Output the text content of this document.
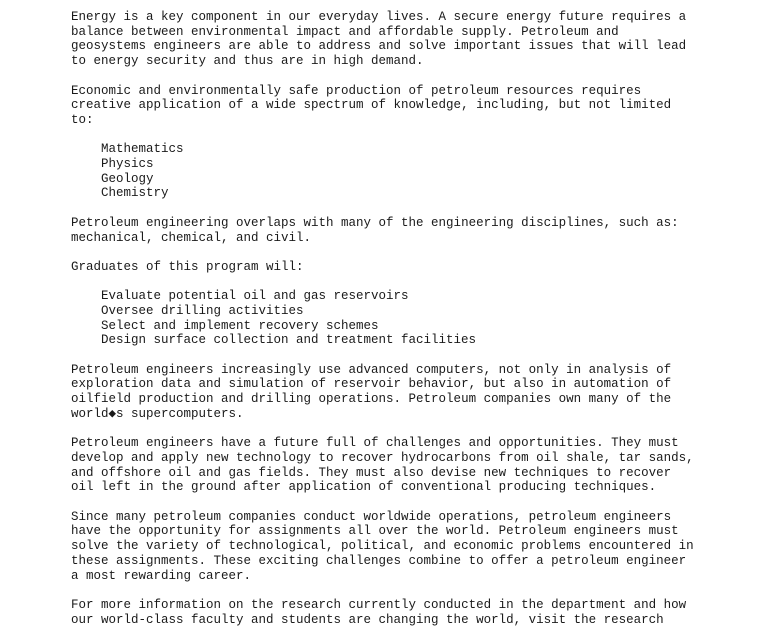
Energy is a key component in our everyday lives. A secure energy future requires a
balance between environmental impact and affordable supply. Petroleum and
geosystems engineers are able to address and solve important issues that will lead
to energy security and thus are in high demand.
Economic and environmentally safe production of petroleum resources requires
creative application of a wide spectrum of knowledge, including, but not limited
to:
Mathematics
Physics
Geology
Chemistry
Petroleum engineering overlaps with many of the engineering disciplines, such as:
mechanical, chemical, and civil.
Graduates of this program will:
Evaluate potential oil and gas reservoirs
Oversee drilling activities
Select and implement recovery schemes
Design surface collection and treatment facilities
Petroleum engineers increasingly use advanced computers, not only in analysis of
exploration data and simulation of reservoir behavior, but also in automation of
oilfield production and drilling operations. Petroleum companies own many of the
world◆s supercomputers.
Petroleum engineers have a future full of challenges and opportunities. They must
develop and apply new technology to recover hydrocarbons from oil shale, tar sands,
and offshore oil and gas fields. They must also devise new techniques to recover
oil left in the ground after application of conventional producing techniques.
Since many petroleum companies conduct worldwide operations, petroleum engineers
have the opportunity for assignments all over the world. Petroleum engineers must
solve the variety of technological, political, and economic problems encountered in
these assignments. These exciting challenges combine to offer a petroleum engineer
a most rewarding career.
For more information on the research currently conducted in the department and how
our world-class faculty and students are changing the world, visit the research
